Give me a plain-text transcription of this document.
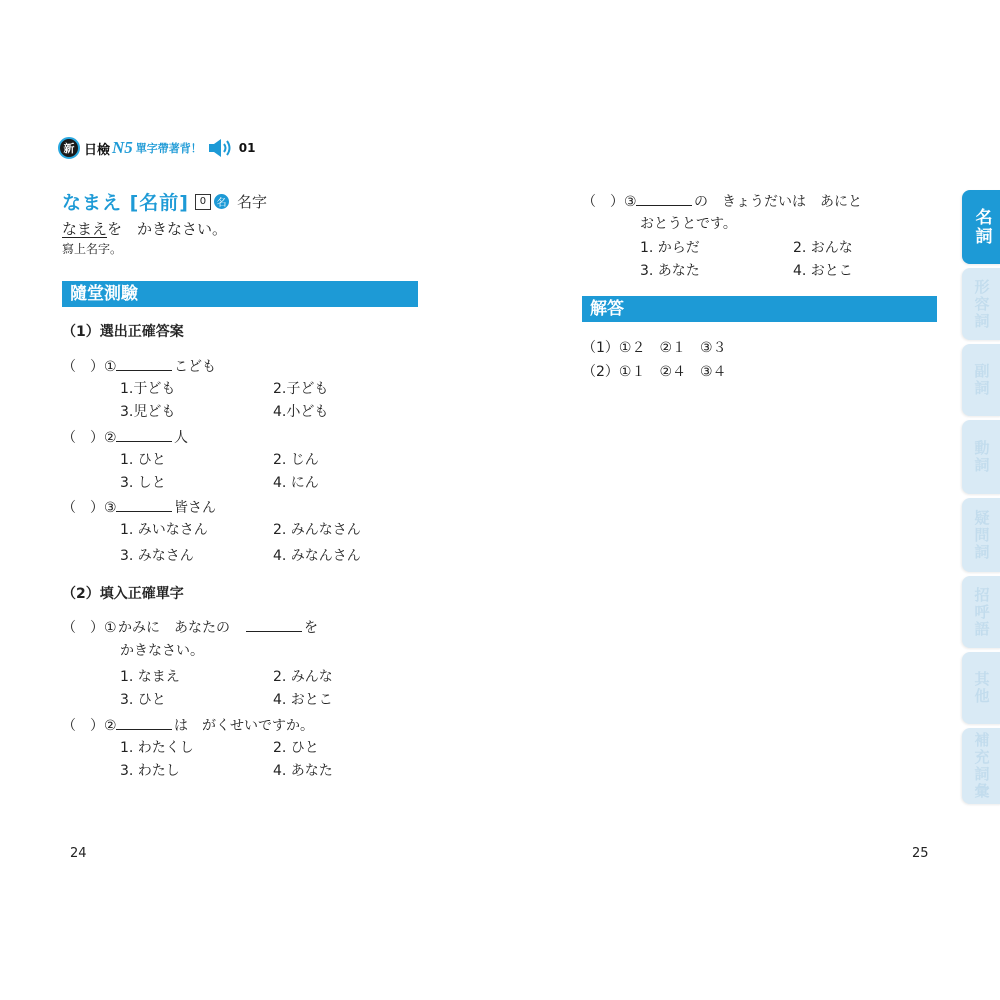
新 日檢 N5 單字帶著背！	01
なまえ [名前]	0	名 名字
なまえを　かきなさい。
寫上名字。
隨堂測驗
（1）選出正確答案
（　）①	こども
1.于ども	2.子ども
3.児ども	4.小ども
（　）②	人
1. ひと	2. じん
3. しと	4. にん
（　）③	皆さん
1. みいなさん	2. みんなさん
3. みなさん	4. みなんさん
（2）填入正確單字
（　）① かみに　あなたの　	を
かきなさい。
1. なまえ	2. みんな
3. ひと	4. おとこ
（　）②	は　がくせいですか。
1. わたくし	2. ひと
3. わたし	4. あなた
（　）③	の　きょうだいは　あにと
おとうとです。
1. からだ	2. おんな
3. あなた	4. おとこ
解答
（1）①２　②１　③３
（2）①１　②４　③４
24	25
名詞
形容詞
副詞
動詞
疑問詞
招呼語
其他
補充詞彙
